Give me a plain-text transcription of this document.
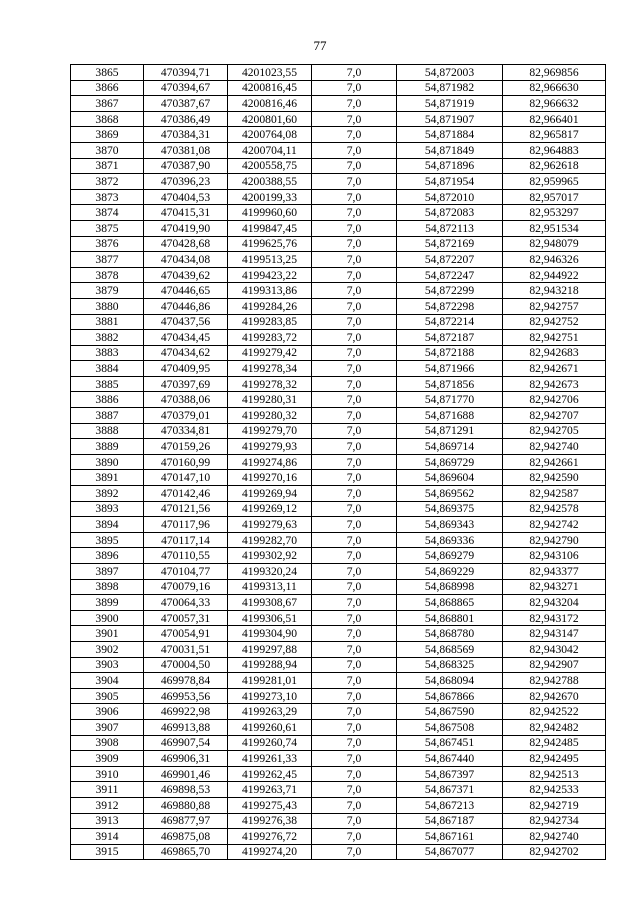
77
3865	470394,71	4201023,55	7,0	54,872003	82,969856
3866	470394,67	4200816,45	7,0	54,871982	82,966630
3867	470387,67	4200816,46	7,0	54,871919	82,966632
3868	470386,49	4200801,60	7,0	54,871907	82,966401
3869	470384,31	4200764,08	7,0	54,871884	82,965817
3870	470381,08	4200704,11	7,0	54,871849	82,964883
3871	470387,90	4200558,75	7,0	54,871896	82,962618
3872	470396,23	4200388,55	7,0	54,871954	82,959965
3873	470404,53	4200199,33	7,0	54,872010	82,957017
3874	470415,31	4199960,60	7,0	54,872083	82,953297
3875	470419,90	4199847,45	7,0	54,872113	82,951534
3876	470428,68	4199625,76	7,0	54,872169	82,948079
3877	470434,08	4199513,25	7,0	54,872207	82,946326
3878	470439,62	4199423,22	7,0	54,872247	82,944922
3879	470446,65	4199313,86	7,0	54,872299	82,943218
3880	470446,86	4199284,26	7,0	54,872298	82,942757
3881	470437,56	4199283,85	7,0	54,872214	82,942752
3882	470434,45	4199283,72	7,0	54,872187	82,942751
3883	470434,62	4199279,42	7,0	54,872188	82,942683
3884	470409,95	4199278,34	7,0	54,871966	82,942671
3885	470397,69	4199278,32	7,0	54,871856	82,942673
3886	470388,06	4199280,31	7,0	54,871770	82,942706
3887	470379,01	4199280,32	7,0	54,871688	82,942707
3888	470334,81	4199279,70	7,0	54,871291	82,942705
3889	470159,26	4199279,93	7,0	54,869714	82,942740
3890	470160,99	4199274,86	7,0	54,869729	82,942661
3891	470147,10	4199270,16	7,0	54,869604	82,942590
3892	470142,46	4199269,94	7,0	54,869562	82,942587
3893	470121,56	4199269,12	7,0	54,869375	82,942578
3894	470117,96	4199279,63	7,0	54,869343	82,942742
3895	470117,14	4199282,70	7,0	54,869336	82,942790
3896	470110,55	4199302,92	7,0	54,869279	82,943106
3897	470104,77	4199320,24	7,0	54,869229	82,943377
3898	470079,16	4199313,11	7,0	54,868998	82,943271
3899	470064,33	4199308,67	7,0	54,868865	82,943204
3900	470057,31	4199306,51	7,0	54,868801	82,943172
3901	470054,91	4199304,90	7,0	54,868780	82,943147
3902	470031,51	4199297,88	7,0	54,868569	82,943042
3903	470004,50	4199288,94	7,0	54,868325	82,942907
3904	469978,84	4199281,01	7,0	54,868094	82,942788
3905	469953,56	4199273,10	7,0	54,867866	82,942670
3906	469922,98	4199263,29	7,0	54,867590	82,942522
3907	469913,88	4199260,61	7,0	54,867508	82,942482
3908	469907,54	4199260,74	7,0	54,867451	82,942485
3909	469906,31	4199261,33	7,0	54,867440	82,942495
3910	469901,46	4199262,45	7,0	54,867397	82,942513
3911	469898,53	4199263,71	7,0	54,867371	82,942533
3912	469880,88	4199275,43	7,0	54,867213	82,942719
3913	469877,97	4199276,38	7,0	54,867187	82,942734
3914	469875,08	4199276,72	7,0	54,867161	82,942740
3915	469865,70	4199274,20	7,0	54,867077	82,942702
